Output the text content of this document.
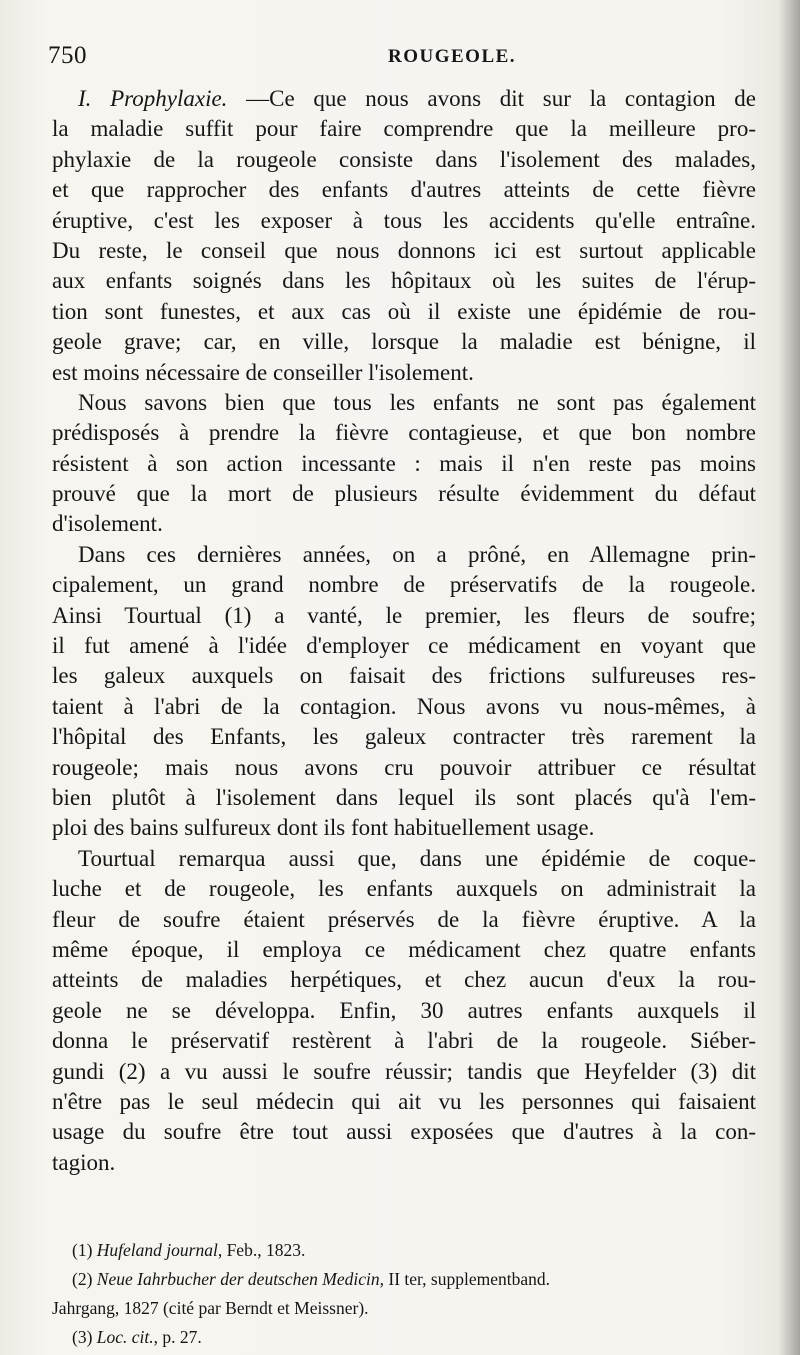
750	ROUGEOLE.
I. Prophylaxie. —Ce que nous avons dit sur la contagion de
la maladie suffit pour faire comprendre que la meilleure pro-
phylaxie de la rougeole consiste dans l'isolement des malades,
et que rapprocher des enfants d'autres atteints de cette fièvre
éruptive, c'est les exposer à tous les accidents qu'elle entraîne.
Du reste, le conseil que nous donnons ici est surtout applicable
aux enfants soignés dans les hôpitaux où les suites de l'érup-
tion sont funestes, et aux cas où il existe une épidémie de rou-
geole grave; car, en ville, lorsque la maladie est bénigne, il
est moins nécessaire de conseiller l'isolement.
Nous savons bien que tous les enfants ne sont pas également
prédisposés à prendre la fièvre contagieuse, et que bon nombre
résistent à son action incessante : mais il n'en reste pas moins
prouvé que la mort de plusieurs résulte évidemment du défaut
d'isolement.
Dans ces dernières années, on a prôné, en Allemagne prin-
cipalement, un grand nombre de préservatifs de la rougeole.
Ainsi Tourtual (1) a vanté, le premier, les fleurs de soufre;
il fut amené à l'idée d'employer ce médicament en voyant que
les galeux auxquels on faisait des frictions sulfureuses res-
taient à l'abri de la contagion. Nous avons vu nous-mêmes, à
l'hôpital des Enfants, les galeux contracter très rarement la
rougeole; mais nous avons cru pouvoir attribuer ce résultat
bien plutôt à l'isolement dans lequel ils sont placés qu'à l'em-
ploi des bains sulfureux dont ils font habituellement usage.
Tourtual remarqua aussi que, dans une épidémie de coque-
luche et de rougeole, les enfants auxquels on administrait la
fleur de soufre étaient préservés de la fièvre éruptive. A la
même époque, il employa ce médicament chez quatre enfants
atteints de maladies herpétiques, et chez aucun d'eux la rou-
geole ne se développa. Enfin, 30 autres enfants auxquels il
donna le préservatif restèrent à l'abri de la rougeole. Siéber-
gundi (2) a vu aussi le soufre réussir; tandis que Heyfelder (3) dit
n'être pas le seul médecin qui ait vu les personnes qui faisaient
usage du soufre être tout aussi exposées que d'autres à la con-
tagion.
(1) Hufeland journal, Feb., 1823.
(2) Neue Iahrbucher der deutschen Medicin, II ter, supplementband.
Jahrgang, 1827 (cité par Berndt et Meissner).
(3) Loc. cit., p. 27.
